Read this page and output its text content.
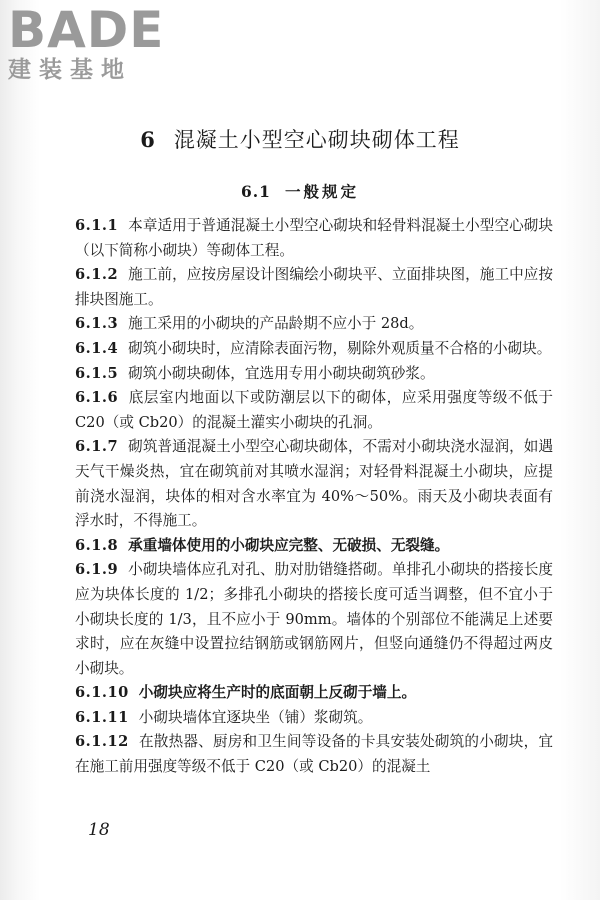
BADE
建装基地
6 混凝土小型空心砌块砌体工程
6.1 一般规定

6.1.1 本章适用于普通混凝土小型空心砌块和轻骨料混凝土小型空心砌块（以下简称小砌块）等砌体工程。

6.1.2 施工前，应按房屋设计图编绘小砌块平、立面排块图，施工中应按排块图施工。

6.1.3 施工采用的小砌块的产品龄期不应小于 28d。

6.1.4 砌筑小砌块时，应清除表面污物，剔除外观质量不合格的小砌块。

6.1.5 砌筑小砌块砌体，宜选用专用小砌块砌筑砂浆。

6.1.6 底层室内地面以下或防潮层以下的砌体，应采用强度等级不低于 C20（或 Cb20）的混凝土灌实小砌块的孔洞。

6.1.7 砌筑普通混凝土小型空心砌块砌体，不需对小砌块浇水湿润，如遇天气干燥炎热，宜在砌筑前对其喷水湿润；对轻骨料混凝土小砌块，应提前浇水湿润，块体的相对含水率宜为 40%～50%。雨天及小砌块表面有浮水时，不得施工。

6.1.8 承重墙体使用的小砌块应完整、无破损、无裂缝。

6.1.9 小砌块墙体应孔对孔、肋对肋错缝搭砌。单排孔小砌块的搭接长度应为块体长度的 1/2；多排孔小砌块的搭接长度可适当调整，但不宜小于小砌块长度的 1/3，且不应小于 90mm。墙体的个别部位不能满足上述要求时，应在灰缝中设置拉结钢筋或钢筋网片，但竖向通缝仍不得超过两皮小砌块。

6.1.10 小砌块应将生产时的底面朝上反砌于墙上。

6.1.11 小砌块墙体宜逐块坐（铺）浆砌筑。

6.1.12 在散热器、厨房和卫生间等设备的卡具安装处砌筑的小砌块，宜在施工前用强度等级不低于 C20（或 Cb20）的混凝土

18
